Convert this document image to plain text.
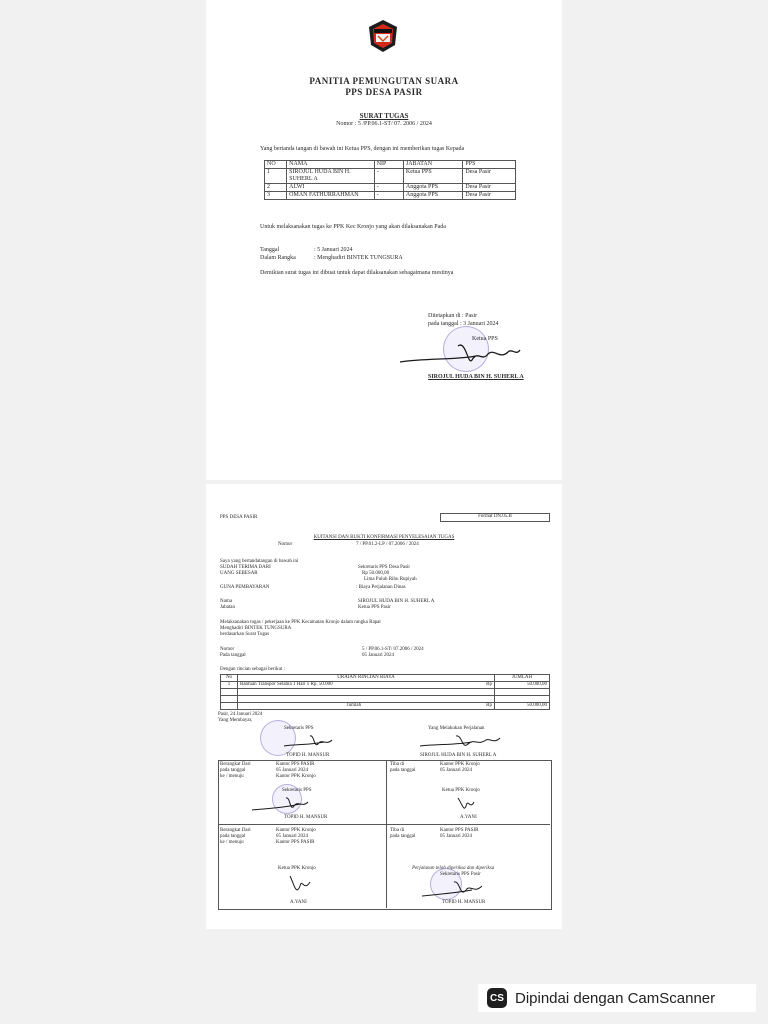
PANITIA PEMUNGUTAN SUARA
PPS DESA PASIR
SURAT TUGAS
Nomor : 5 /PP.06.1-ST/ 07. 2006 / 2024
Yang bertanda tangan di bawah ini Ketua PPS, dengan ini memberikan tugas Kepada
NO	NAMA	NIP	JABATAN	PPS
1	SIROJUL HUDA BIN H. SUHERL A	-	Ketua PPS	Desa Pasir
2	ALWI	-	Anggota PPS	Desa Pasir
3	OMAN FATHURRAHMAN	-	Anggota PPS	Desa Pasir
Untuk melaksanakan tugas ke PPK Kec Kronjo yang akan dilaksanakan Pada
Tanggal	: 5 Januari 2024
Dalam Rangka	: Menghadiri BINTEK TUNGSURA
Demikian surat tugas ini dibuat untuk dapat dilaksanakan sebagaimana mestinya
Ditetapkan di : Pasir
pada tanggal : 3 Januari 2024
Ketua PPS
SIROJUL HUDA BIN H. SUHERL A
PPS DESA PASIR	Format DN.05.B
KUITANSI DAN BUKTI KONFIRMASI PENYELESAIAN TUGAS
Nomor	7 / PP.01.2-LP / 07.2006 / 2024
Saya yang bertandatangan di bawah ini
SUDAH TERIMA DARI	Sekretaris PPS Desa Pasir
UANG SEBESAR	Rp 50.000,00
Lima Puluh Ribu Rupiyah
GUNA PEMBAYARAN	: Biaya Perjalanan Dinas
Nama	SIROJUL HUDA BIN H. SUHERL A
Jabatan	Ketua PPS Pasir
Melaksanakan tugas / pekerjaan ke PPK Kecamatan Kronjo dalam rangka Rapat
Menghadiri BINTEK TUNGSURA
berdasarkan Surat Tugas
Nomor	5 / PP.06.1-ST/ 07.2006 / 2024
Pada tanggal	05 Januari 2024
Dengan rincian sebagai berikut :
No	URAIAN RINCIAN BIAYA		JUMLAH
1	Bantuan Transpor Selama 1 Hari x Rp. 50.000	Rp	50.000,00

	Jumlah	Rp	50.000,00
Pasir, 24 Januari 2024
Yang Membayar,
Sekretaris PPS
TOPID H. MANSUR
Yang Melakukan Perjalanan
SIROJUL HUDA BIN H. SUHERL A
Berangkat Dari	Kantor PPS PASIR
pada tanggal	05 Januari 2024
ke / menuju	Kantor PPK Kronjo
Sekretaris PPS
TOPID H. MANSUR
Tiba di	Kantor PPK Kronjo
pada tanggal	05 Januari 2024
Ketua PPK Kronjo
A.YANI
Berangkat Dari	Kantor PPK Kronjo
pada tanggal	05 Januari 2024
ke / menuju	Kantor PPS PASIR
Ketua PPK Kronjo
A.YANI
Tiba di	Kantor PPS PASIR
pada tanggal	05 Januari 2024
Perjalanan telah diperiksa dan diperiksa
Sekretaris PPS Pasir
TOPID H. MANSUR
CS Dipindai dengan CamScanner
